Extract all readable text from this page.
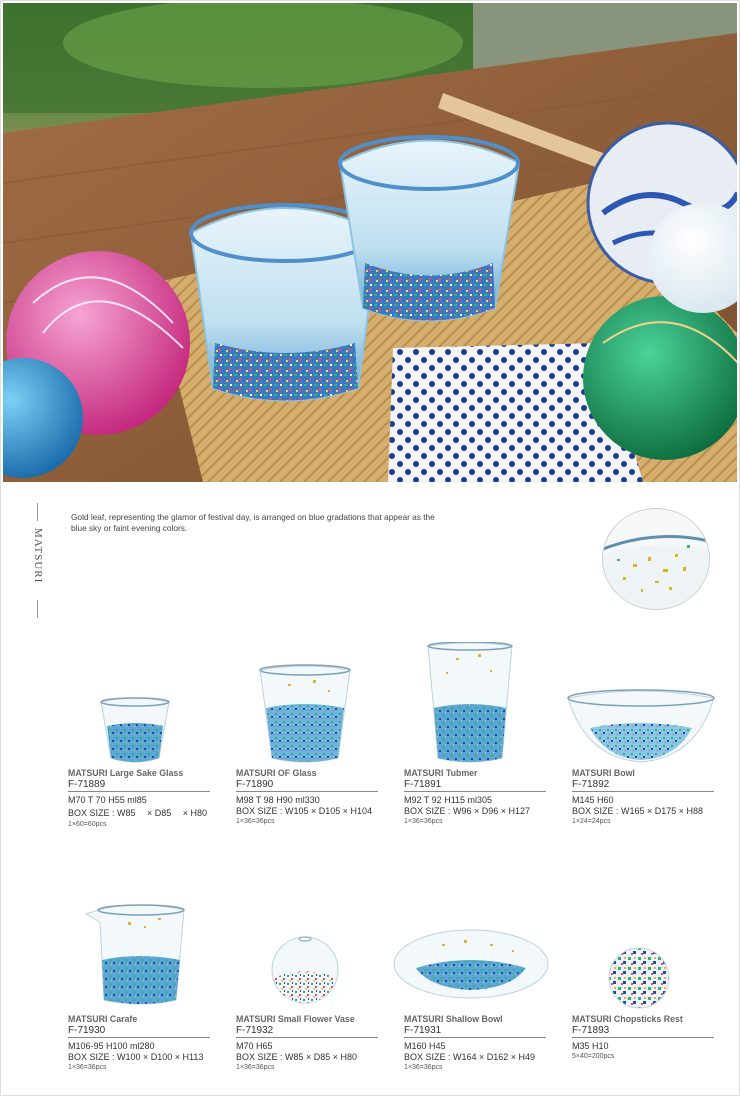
MATSURI
Gold leaf, representing the glamor of festival day, is arranged on blue gradations that appear as the blue sky or faint evening colors.
MATSURI Large Sake Glass
F-71889
M70 T 70 H55 ml85
BOX SIZE : W85 　× D85 　× H80
1×60=60pcs
MATSURI OF Glass
F-71890
M98 T 98 H90 ml330
BOX SIZE : W105 × D105 × H104
1×36=36pcs
MATSURI Tubmer
F-71891
M92 T 92 H115 ml305
BOX SIZE : W96 × D96 × H127
1×36=36pcs
MATSURI Bowl
F-71892
M145 H60
BOX SIZE : W165 × D175 × H88
1×24=24pcs
MATSURI Carafe
F-71930
M106-95 H100 ml280
BOX SIZE : W100 × D100 × H113
1×36=36pcs
MATSURI Small Flower Vase
F-71932
M70 H65
BOX SIZE : W85 × D85 × H80
1×36=36pcs
MATSURI Shallow Bowl
F-71931
M160 H45
BOX SIZE : W164 × D162 × H49
1×36=36pcs
MATSURI Chopsticks Rest
F-71893
M35 H10
5×40=200pcs
